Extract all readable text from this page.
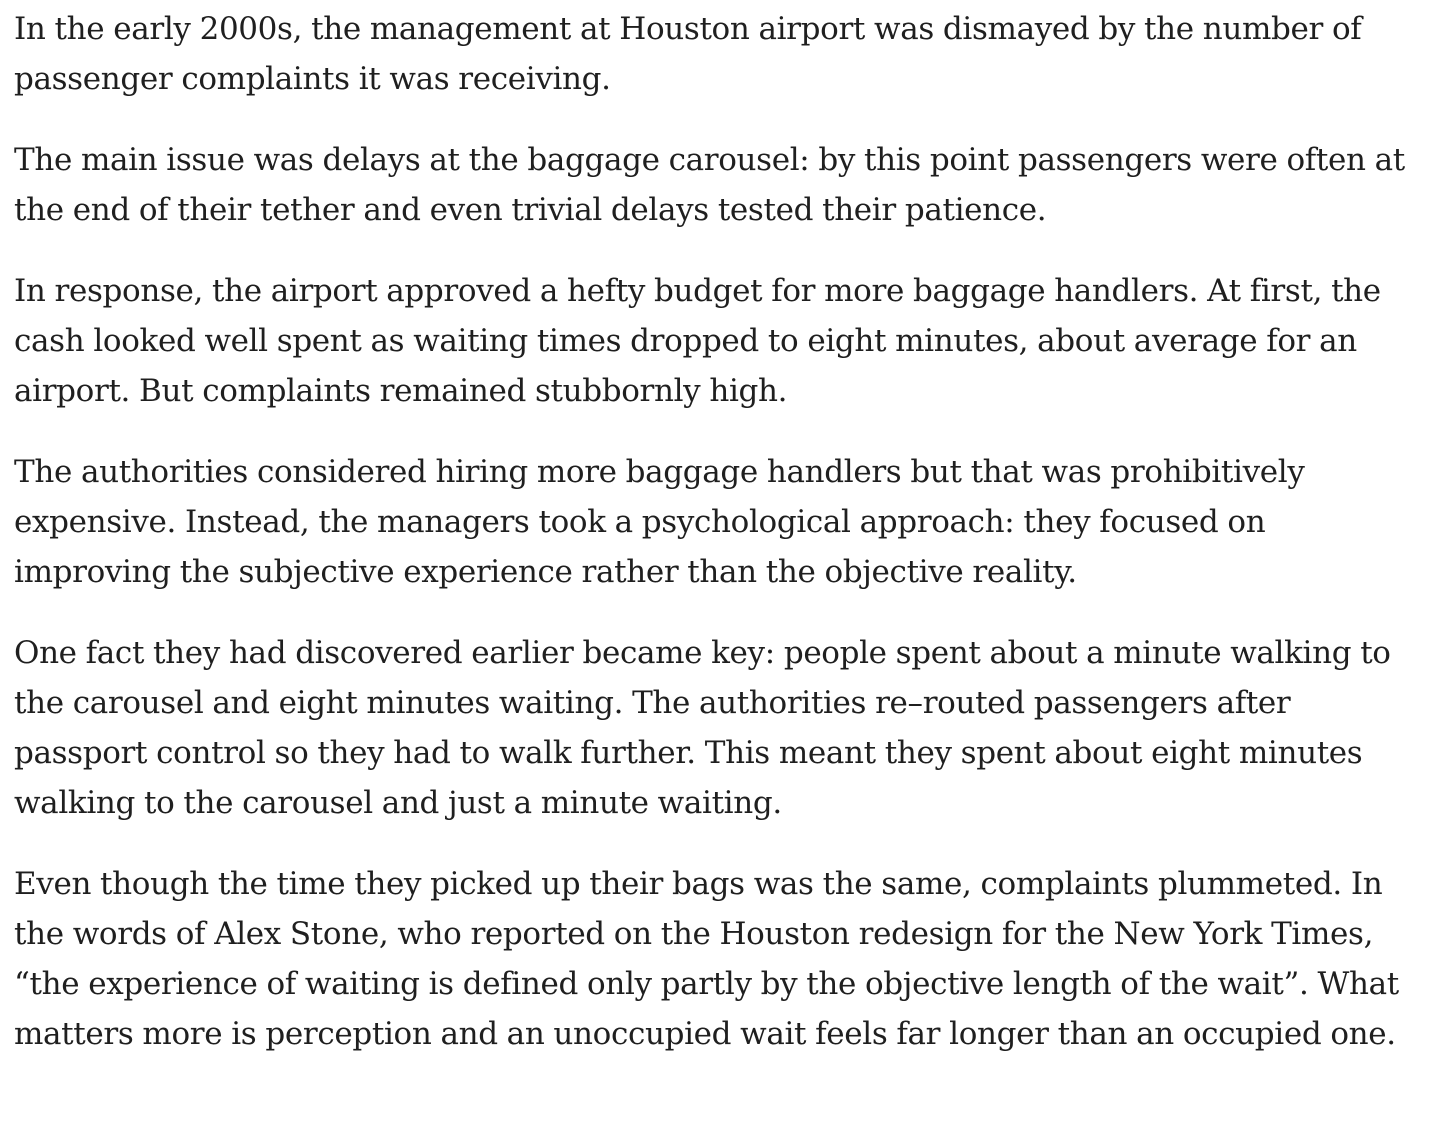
In the early 2000s, the management at Houston airport was dismayed by the number of passenger complaints it was receiving.

The main issue was delays at the baggage carousel: by this point passengers were often at the end of their tether and even trivial delays tested their patience.

In response, the airport approved a hefty budget for more baggage handlers. At first, the cash looked well spent as waiting times dropped to eight minutes, about average for an airport. But complaints remained stubbornly high.

The authorities considered hiring more baggage handlers but that was prohibitively expensive. Instead, the managers took a psychological approach: they focused on improving the subjective experience rather than the objective reality.

One fact they had discovered earlier became key: people spent about a minute walking to the carousel and eight minutes waiting. The authorities re–routed passengers after passport control so they had to walk further. This meant they spent about eight minutes walking to the carousel and just a minute waiting.

Even though the time they picked up their bags was the same, complaints plummeted. In the words of Alex Stone, who reported on the Houston redesign for the New York Times, “the experience of waiting is defined only partly by the objective length of the wait”. What matters more is perception and an unoccupied wait feels far longer than an occupied one.
